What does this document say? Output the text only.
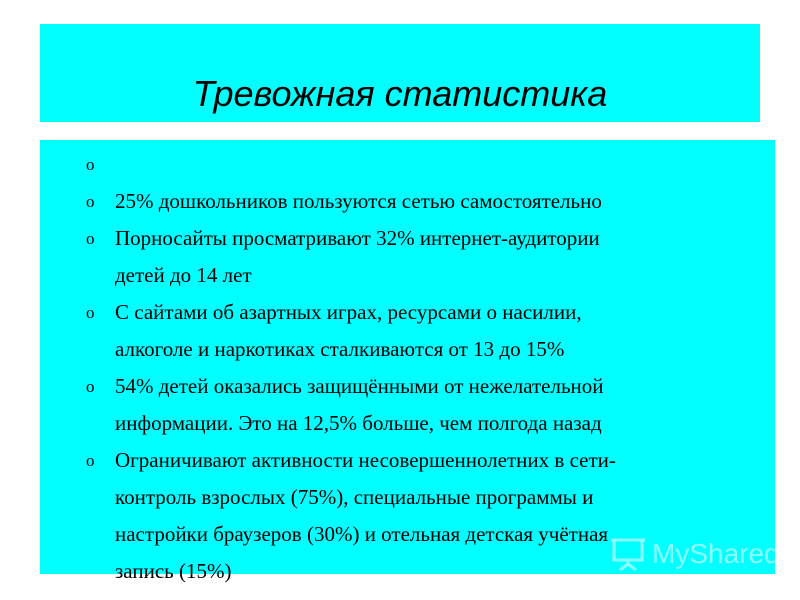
Тревожная статистика
o
o 25% дошкольников пользуются сетью самостоятельно
o Порносайты просматривают 32% интернет-аудитории
детей до 14 лет
o С сайтами об азартных играх, ресурсами о насилии,
алкоголе и наркотиках сталкиваются от 13 до 15%
o 54% детей оказались защищёнными от нежелательной
информации. Это на 12,5% больше, чем полгода назад
o Ограничивают активности несовершеннолетних в сети-
контроль взрослых (75%), специальные программы и
настройки браузеров (30%) и отельная детская учётная
запись (15%)
MyShared
